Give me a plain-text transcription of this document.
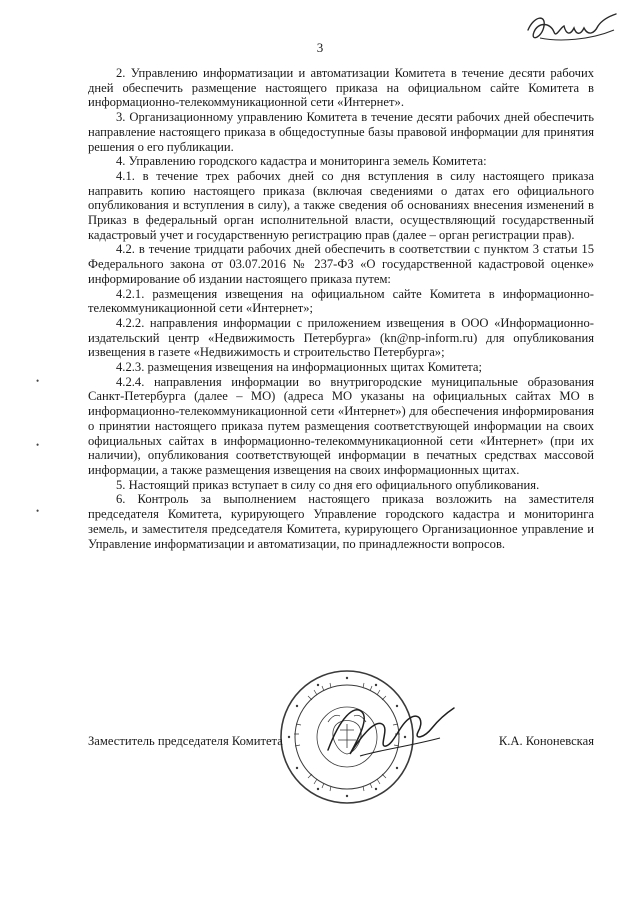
3

2. Управлению информатизации и автоматизации Комитета в течение десяти рабочих дней обеспечить размещение настоящего приказа на официальном сайте Комитета в информационно-телекоммуникационной сети «Интернет».

3. Организационному управлению Комитета в течение десяти рабочих дней обеспечить направление настоящего приказа в общедоступные базы правовой информации для принятия решения о его публикации.

4. Управлению городского кадастра и мониторинга земель Комитета:

4.1. в течение трех рабочих дней со дня вступления в силу настоящего приказа направить копию настоящего приказа (включая сведениями о датах его официального опубликования и вступления в силу), а также сведения об основаниях внесения изменений в Приказ в федеральный орган исполнительной власти, осуществляющий государственный кадастровый учет и государственную регистрацию прав (далее – орган регистрации прав).

4.2. в течение тридцати рабочих дней обеспечить в соответствии с пунктом 3 статьи 15 Федерального закона от 03.07.2016 № 237-ФЗ «О государственной кадастровой оценке» информирование об издании настоящего приказа путем:

4.2.1. размещения извещения на официальном сайте Комитета в информационно-телекоммуникационной сети «Интернет»;

4.2.2. направления информации с приложением извещения в ООО «Информационно-издательский центр «Недвижимость Петербурга» (kn@np-inform.ru) для опубликования извещения в газете «Недвижимость и строительство Петербурга»;

4.2.3. размещения извещения на информационных щитах Комитета;

4.2.4. направления информации во внутригородские муниципальные образования Санкт-Петербурга (далее – МО) (адреса МО указаны на официальных сайтах МО в информационно-телекоммуникационной сети «Интернет») для обеспечения информирования о принятии настоящего приказа путем размещения соответствующей информации на своих официальных сайтах в информационно-телекоммуникационной сети «Интернет» (при их наличии), опубликования соответствующей информации в печатных средствах массовой информации, а также размещения извещения на своих информационных щитах.

5. Настоящий приказ вступает в силу со дня его официального опубликования.

6. Контроль за выполнением настоящего приказа возложить на заместителя председателя Комитета, курирующего Управление городского кадастра и мониторинга земель, и заместителя председателя Комитета, курирующего Организационное управление и Управление информатизации и автоматизации, по принадлежности вопросов.

•
•
•
Заместитель председателя Комитета	К.А. Кононевская
